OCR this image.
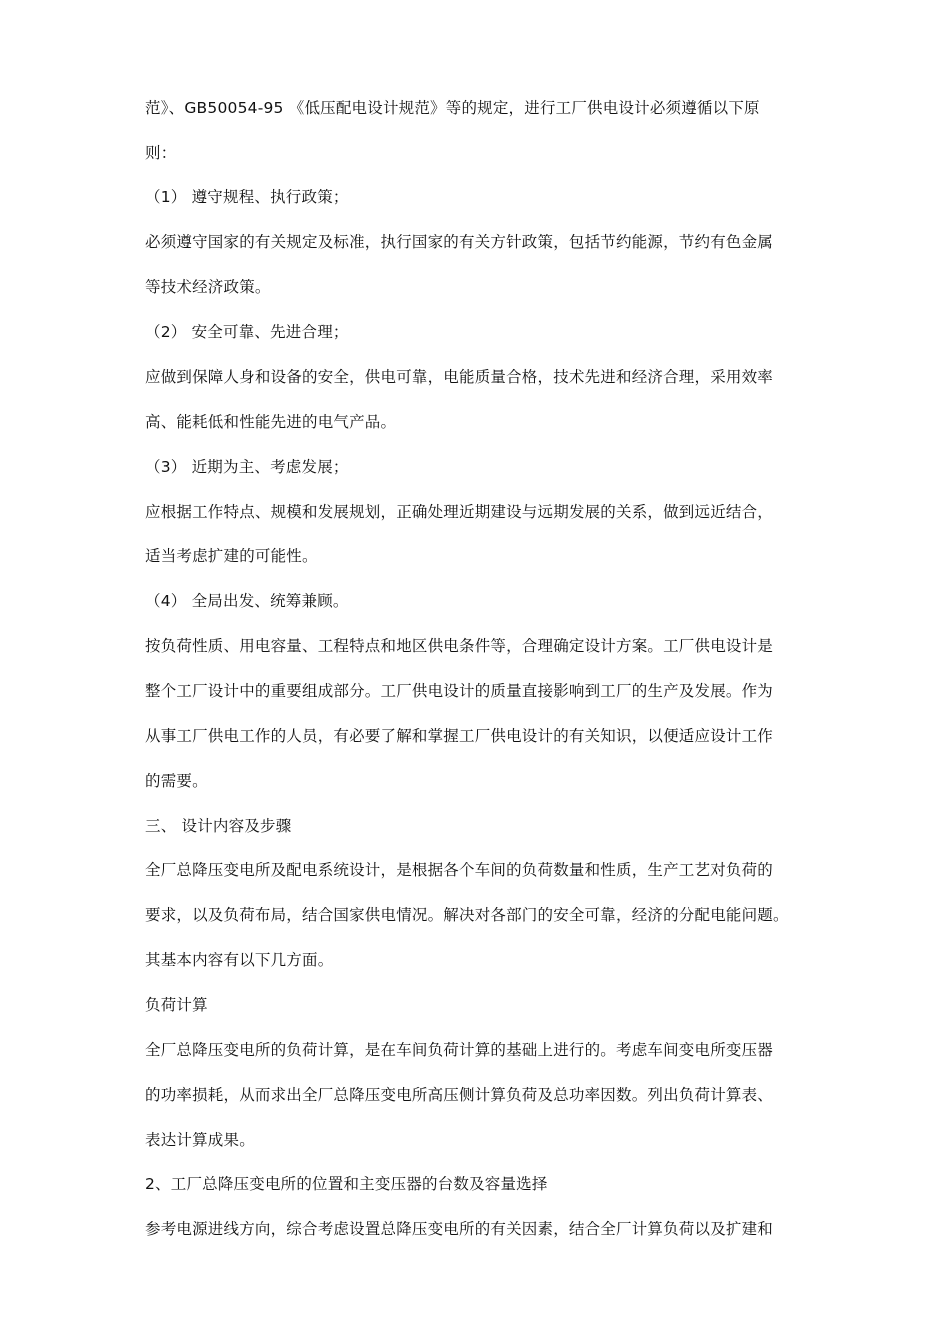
范》、GB50054-95 《低压配电设计规范》等的规定，进行工厂供电设计必须遵循以下原
则：
（1） 遵守规程、执行政策；
必须遵守国家的有关规定及标准，执行国家的有关方针政策，包括节约能源，节约有色金属
等技术经济政策。
（2） 安全可靠、先进合理；
应做到保障人身和设备的安全，供电可靠，电能质量合格，技术先进和经济合理，采用效率
高、能耗低和性能先进的电气产品。
（3） 近期为主、考虑发展；
应根据工作特点、规模和发展规划，正确处理近期建设与远期发展的关系，做到远近结合，
适当考虑扩建的可能性。
（4） 全局出发、统筹兼顾。
按负荷性质、用电容量、工程特点和地区供电条件等，合理确定设计方案。工厂供电设计是
整个工厂设计中的重要组成部分。工厂供电设计的质量直接影响到工厂的生产及发展。作为
从事工厂供电工作的人员，有必要了解和掌握工厂供电设计的有关知识，以便适应设计工作
的需要。
三、 设计内容及步骤
全厂总降压变电所及配电系统设计，是根据各个车间的负荷数量和性质，生产工艺对负荷的
要求，以及负荷布局，结合国家供电情况。解决对各部门的安全可靠，经济的分配电能问题。
其基本内容有以下几方面。
负荷计算
全厂总降压变电所的负荷计算，是在车间负荷计算的基础上进行的。考虑车间变电所变压器
的功率损耗，从而求出全厂总降压变电所高压侧计算负荷及总功率因数。列出负荷计算表、
表达计算成果。
2、工厂总降压变电所的位置和主变压器的台数及容量选择
参考电源进线方向，综合考虑设置总降压变电所的有关因素，结合全厂计算负荷以及扩建和
